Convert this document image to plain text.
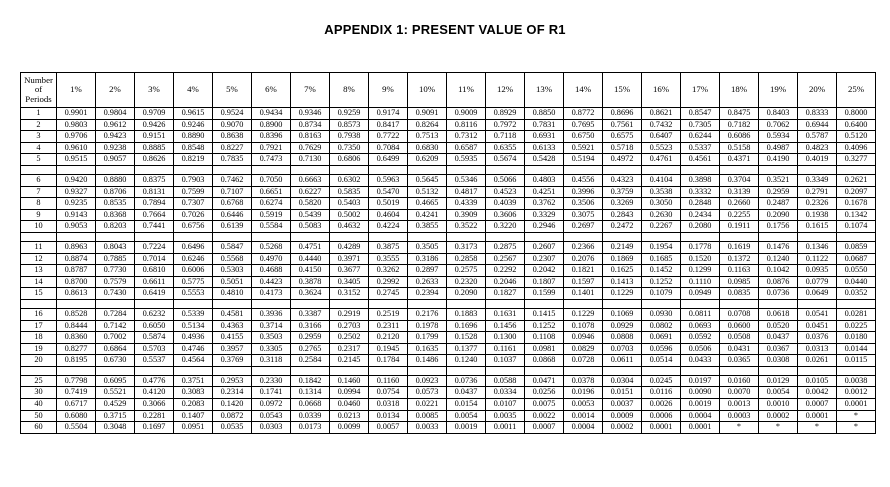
APPENDIX 1: PRESENT VALUE OF R1
Number
of
Periods	1%	2%	3%	4%	5%	6%	7%	8%	9%	10%	11%	12%	13%	14%	15%	16%	17%	18%	19%	20%	25%
1	0.9901	0.9804	0.9709	0.9615	0.9524	0.9434	0.9346	0.9259	0.9174	0.9091	0.9009	0.8929	0.8850	0.8772	0.8696	0.8621	0.8547	0.8475	0.8403	0.8333	0.8000
2	0.9803	0.9612	0.9426	0.9246	0.9070	0.8900	0.8734	0.8573	0.8417	0.8264	0.8116	0.7972	0.7831	0.7695	0.7561	0.7432	0.7305	0.7182	0.7062	0.6944	0.6400
3	0.9706	0.9423	0.9151	0.8890	0.8638	0.8396	0.8163	0.7938	0.7722	0.7513	0.7312	0.7118	0.6931	0.6750	0.6575	0.6407	0.6244	0.6086	0.5934	0.5787	0.5120
4	0.9610	0.9238	0.8885	0.8548	0.8227	0.7921	0.7629	0.7350	0.7084	0.6830	0.6587	0.6355	0.6133	0.5921	0.5718	0.5523	0.5337	0.5158	0.4987	0.4823	0.4096
5	0.9515	0.9057	0.8626	0.8219	0.7835	0.7473	0.7130	0.6806	0.6499	0.6209	0.5935	0.5674	0.5428	0.5194	0.4972	0.4761	0.4561	0.4371	0.4190	0.4019	0.3277

6	0.9420	0.8880	0.8375	0.7903	0.7462	0.7050	0.6663	0.6302	0.5963	0.5645	0.5346	0.5066	0.4803	0.4556	0.4323	0.4104	0.3898	0.3704	0.3521	0.3349	0.2621
7	0.9327	0.8706	0.8131	0.7599	0.7107	0.6651	0.6227	0.5835	0.5470	0.5132	0.4817	0.4523	0.4251	0.3996	0.3759	0.3538	0.3332	0.3139	0.2959	0.2791	0.2097
8	0.9235	0.8535	0.7894	0.7307	0.6768	0.6274	0.5820	0.5403	0.5019	0.4665	0.4339	0.4039	0.3762	0.3506	0.3269	0.3050	0.2848	0.2660	0.2487	0.2326	0.1678
9	0.9143	0.8368	0.7664	0.7026	0.6446	0.5919	0.5439	0.5002	0.4604	0.4241	0.3909	0.3606	0.3329	0.3075	0.2843	0.2630	0.2434	0.2255	0.2090	0.1938	0.1342
10	0.9053	0.8203	0.7441	0.6756	0.6139	0.5584	0.5083	0.4632	0.4224	0.3855	0.3522	0.3220	0.2946	0.2697	0.2472	0.2267	0.2080	0.1911	0.1756	0.1615	0.1074

11	0.8963	0.8043	0.7224	0.6496	0.5847	0.5268	0.4751	0.4289	0.3875	0.3505	0.3173	0.2875	0.2607	0.2366	0.2149	0.1954	0.1778	0.1619	0.1476	0.1346	0.0859
12	0.8874	0.7885	0.7014	0.6246	0.5568	0.4970	0.4440	0.3971	0.3555	0.3186	0.2858	0.2567	0.2307	0.2076	0.1869	0.1685	0.1520	0.1372	0.1240	0.1122	0.0687
13	0.8787	0.7730	0.6810	0.6006	0.5303	0.4688	0.4150	0.3677	0.3262	0.2897	0.2575	0.2292	0.2042	0.1821	0.1625	0.1452	0.1299	0.1163	0.1042	0.0935	0.0550
14	0.8700	0.7579	0.6611	0.5775	0.5051	0.4423	0.3878	0.3405	0.2992	0.2633	0.2320	0.2046	0.1807	0.1597	0.1413	0.1252	0.1110	0.0985	0.0876	0.0779	0.0440
15	0.8613	0.7430	0.6419	0.5553	0.4810	0.4173	0.3624	0.3152	0.2745	0.2394	0.2090	0.1827	0.1599	0.1401	0.1229	0.1079	0.0949	0.0835	0.0736	0.0649	0.0352

16	0.8528	0.7284	0.6232	0.5339	0.4581	0.3936	0.3387	0.2919	0.2519	0.2176	0.1883	0.1631	0.1415	0.1229	0.1069	0.0930	0.0811	0.0708	0.0618	0.0541	0.0281
17	0.8444	0.7142	0.6050	0.5134	0.4363	0.3714	0.3166	0.2703	0.2311	0.1978	0.1696	0.1456	0.1252	0.1078	0.0929	0.0802	0.0693	0.0600	0.0520	0.0451	0.0225
18	0.8360	0.7002	0.5874	0.4936	0.4155	0.3503	0.2959	0.2502	0.2120	0.1799	0.1528	0.1300	0.1108	0.0946	0.0808	0.0691	0.0592	0.0508	0.0437	0.0376	0.0180
19	0.8277	0.6864	0.5703	0.4746	0.3957	0.3305	0.2765	0.2317	0.1945	0.1635	0.1377	0.1161	0.0981	0.0829	0.0703	0.0596	0.0506	0.0431	0.0367	0.0313	0.0144
20	0.8195	0.6730	0.5537	0.4564	0.3769	0.3118	0.2584	0.2145	0.1784	0.1486	0.1240	0.1037	0.0868	0.0728	0.0611	0.0514	0.0433	0.0365	0.0308	0.0261	0.0115

25	0.7798	0.6095	0.4776	0.3751	0.2953	0.2330	0.1842	0.1460	0.1160	0.0923	0.0736	0.0588	0.0471	0.0378	0.0304	0.0245	0.0197	0.0160	0.0129	0.0105	0.0038
30	0.7419	0.5521	0.4120	0.3083	0.2314	0.1741	0.1314	0.0994	0.0754	0.0573	0.0437	0.0334	0.0256	0.0196	0.0151	0.0116	0.0090	0.0070	0.0054	0.0042	0.0012
40	0.6717	0.4529	0.3066	0.2083	0.1420	0.0972	0.0668	0.0460	0.0318	0.0221	0.0154	0.0107	0.0075	0.0053	0.0037	0.0026	0.0019	0.0013	0.0010	0.0007	0.0001
50	0.6080	0.3715	0.2281	0.1407	0.0872	0.0543	0.0339	0.0213	0.0134	0.0085	0.0054	0.0035	0.0022	0.0014	0.0009	0.0006	0.0004	0.0003	0.0002	0.0001	*
60	0.5504	0.3048	0.1697	0.0951	0.0535	0.0303	0.0173	0.0099	0.0057	0.0033	0.0019	0.0011	0.0007	0.0004	0.0002	0.0001	0.0001	*	*	*	*
